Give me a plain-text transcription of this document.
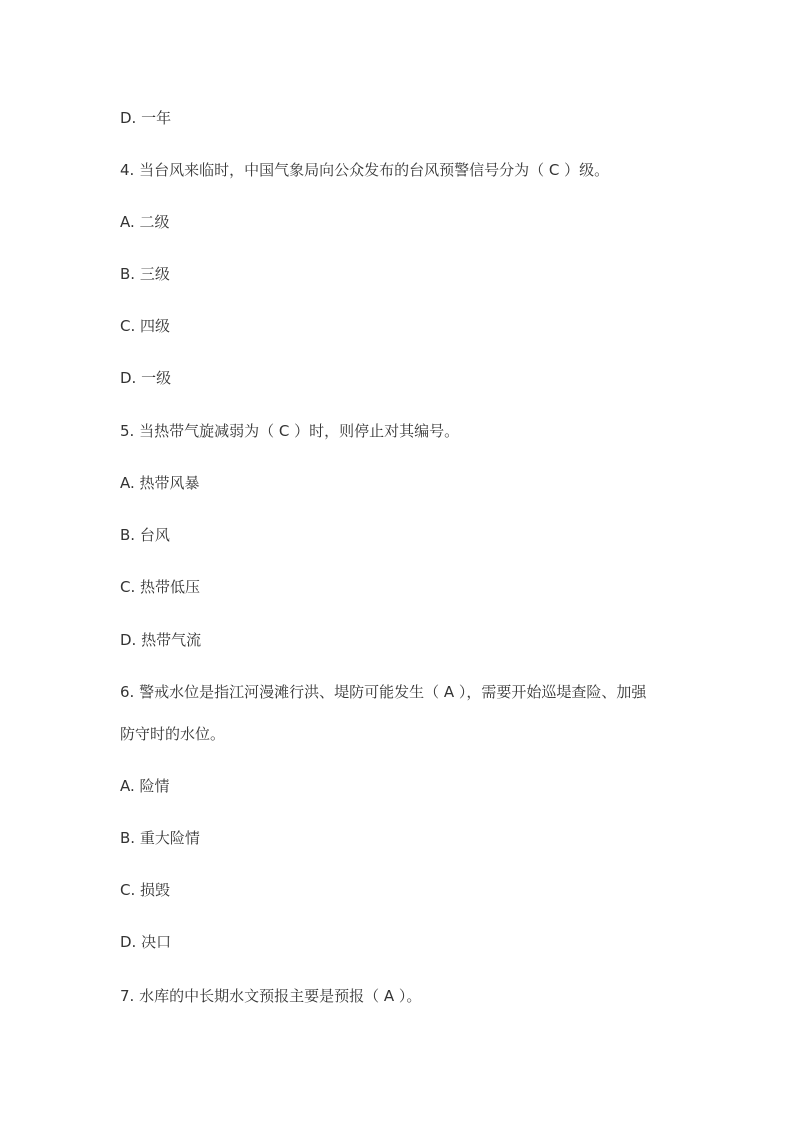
D. 一年
4. 当台风来临时，中国气象局向公众发布的台风预警信号分为（ C ）级。
A. 二级
B. 三级
C. 四级
D. 一级
5. 当热带气旋减弱为（ C ）时，则停止对其编号。
A. 热带风暴
B. 台风
C. 热带低压
D. 热带气流
6. 警戒水位是指江河漫滩行洪、堤防可能发生（ A ），需要开始巡堤查险、加强
防守时的水位。
A. 险情
B. 重大险情
C. 损毁
D. 决口
7. 水库的中长期水文预报主要是预报（ A ）。
